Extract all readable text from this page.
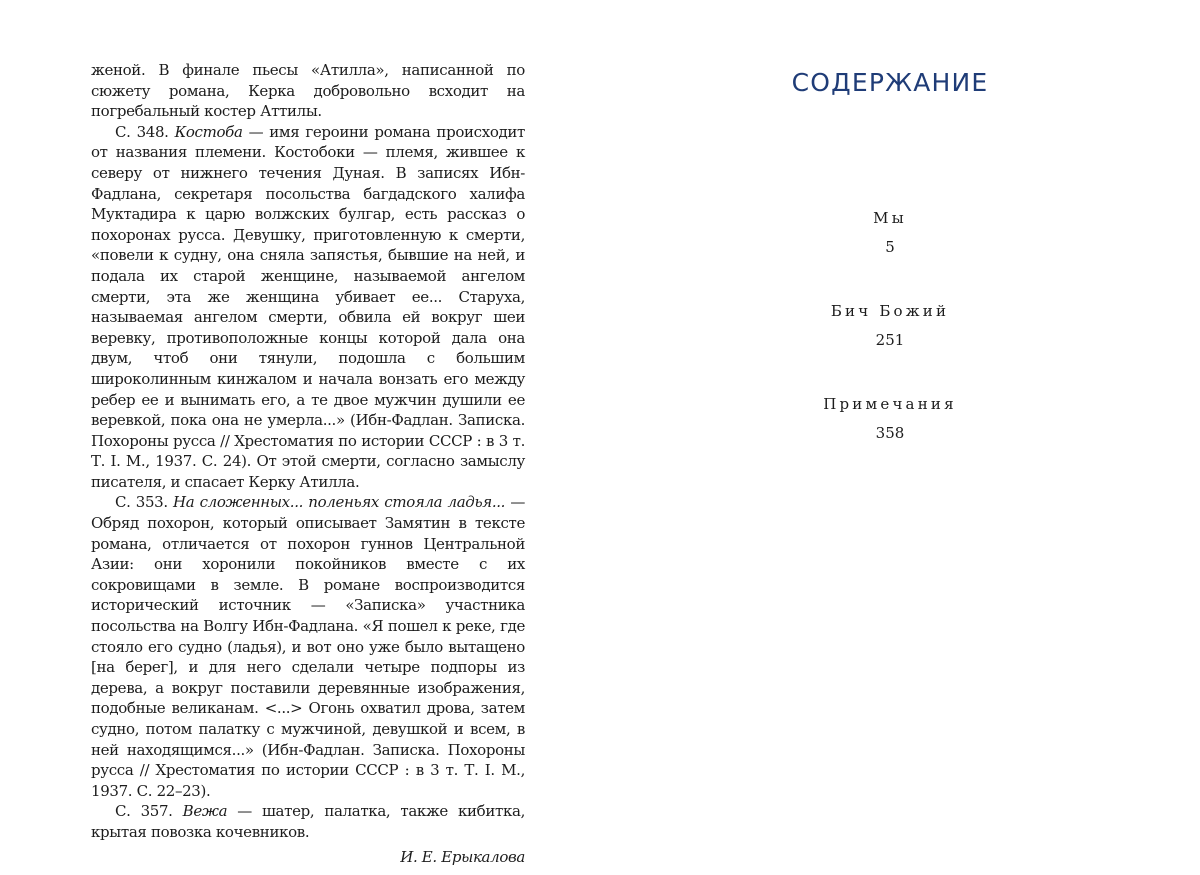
женой. В финале пьесы «Атилла», написанной по сюжету романа, Керка добровольно всходит на погребальный костер Аттилы.

С. 348. Костоба — имя героини романа происходит от названия племени. Костобоки — племя, жившее к северу от нижнего течения Дуная. В записях Ибн-Фадлана, секретаря посольства багдадского халифа Муктадира к царю волжских булгар, есть рассказ о похоронах русса. Девушку, приготовленную к смерти, «повели к судну, она сняла запястья, бывшие на ней, и подала их старой женщине, называемой ангелом смерти, эта же женщина убивает ее... Старуха, называемая ангелом смерти, обвила ей вокруг шеи веревку, противоположные концы которой дала она двум, чтоб они тянули, подошла с большим широколинным кинжалом и начала вонзать его между ребер ее и вынимать его, а те двое мужчин душили ее веревкой, пока она не умерла...» (Ибн-Фадлан. Записка. Похороны русса // Хрестоматия по истории СССР : в 3 т. Т. I. М., 1937. С. 24). От этой смерти, согласно замыслу писателя, и спасает Керку Атилла.

С. 353. На сложенных... поленьях стояла ладья... — Обряд похорон, который описывает Замятин в тексте романа, отличается от похорон гуннов Центральной Азии: они хоронили покойников вместе с их сокровищами в земле. В романе воспроизводится исторический источник — «Записка» участника посольства на Волгу Ибн-Фадлана. «Я пошел к реке, где стояло его судно (ладья), и вот оно уже было вытащено [на берег], и для него сделали четыре подпоры из дерева, а вокруг поставили деревянные изображения, подобные великанам. <...> Огонь охватил дрова, затем судно, потом палатку с мужчиной, девушкой и всем, в ней находящимся...» (Ибн-Фадлан. Записка. Похороны русса // Хрестоматия по истории СССР : в 3 т. Т. I. М., 1937. С. 22–23).

С. 357. Вежа — шатер, палатка, также кибитка, крытая повозка кочевников.

И. Е. Ерыкалова

СОДЕРЖАНИЕ
Мы
5
Бич Божий
251
Примечания
358
